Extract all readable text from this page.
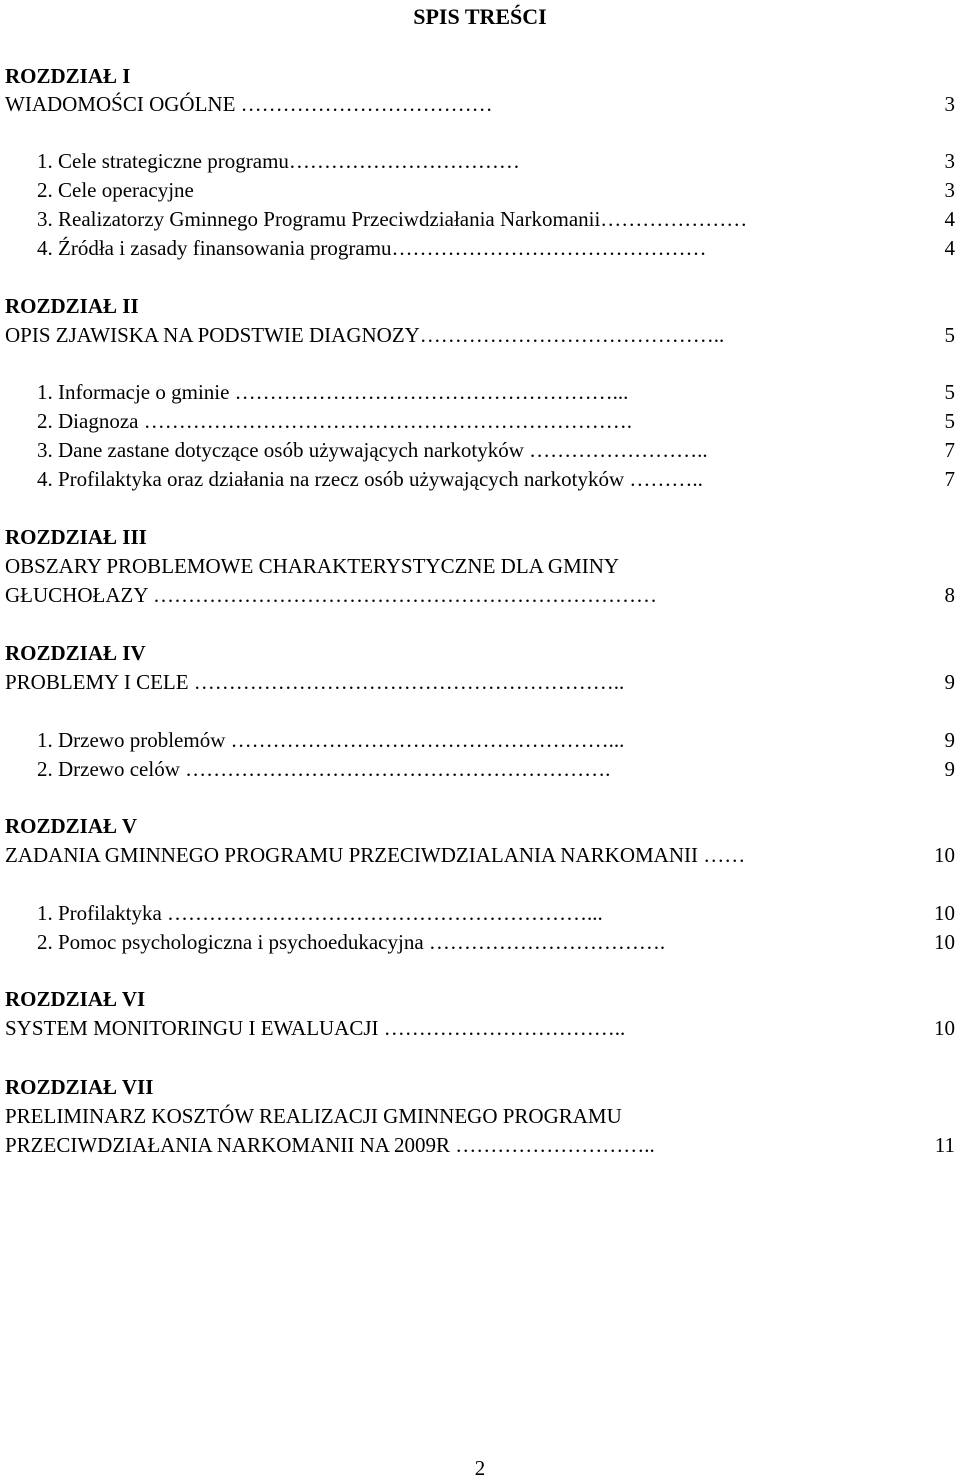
SPIS TREŚCI
ROZDZIAŁ I
WIADOMOŚCI OGÓLNE ………………………………	3
1. Cele strategiczne programu……………………………	3
2. Cele operacyjne	3
3. Realizatorzy Gminnego Programu Przeciwdziałania Narkomanii…………………	4
4. Źródła i zasady finansowania programu………………………………………	4
ROZDZIAŁ II
OPIS ZJAWISKA NA PODSTWIE DIAGNOZY……………………………………..	5
1. Informacje o gminie ………………………………………………...	5
2. Diagnoza …………………………………………………………….	5
3. Dane zastane dotyczące osób używających narkotyków ……………………..	7
4. Profilaktyka oraz działania na rzecz osób używających narkotyków ………..	7
ROZDZIAŁ III
OBSZARY PROBLEMOWE CHARAKTERYSTYCZNE DLA GMINY
GŁUCHOŁAZY ………………………………………………………………	8
ROZDZIAŁ IV
PROBLEMY I CELE ……………………………………………………..	9
1. Drzewo problemów ………………………………………………...	9
2. Drzewo celów …………………………………………………….	9
ROZDZIAŁ V
ZADANIA GMINNEGO PROGRAMU PRZECIWDZIALANIA NARKOMANII ……	10
1. Profilaktyka ……………………………………………………...	10
2. Pomoc psychologiczna i psychoedukacyjna …………………………….	10
ROZDZIAŁ VI
SYSTEM MONITORINGU I EWALUACJI ……………………………..	10
ROZDZIAŁ VII
PRELIMINARZ KOSZTÓW REALIZACJI GMINNEGO PROGRAMU
PRZECIWDZIAŁANIA NARKOMANII NA 2009R ………………………..	11
2
